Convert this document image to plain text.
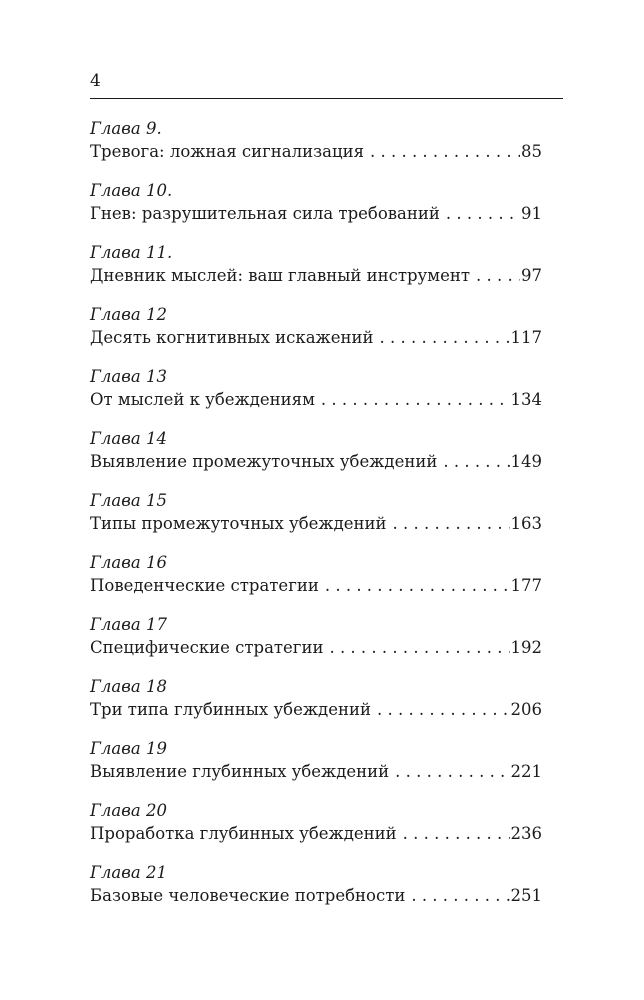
4
Глава 9.
Тревога: ложная сигнализация . . .	85
Глава 10.
Гнев: разрушительная сила требований . . .	91
Глава 11.
Дневник мыслей: ваш главный инструмент . . .	97
Глава 12
Десять когнитивных искажений . . .	117
Глава 13
От мыслей к убеждениям . . .	134
Глава 14
Выявление промежуточных убеждений . . .	149
Глава 15
Типы промежуточных убеждений . . .	163
Глава 16
Поведенческие стратегии . . .	177
Глава 17
Специфические стратегии . . .	192
Глава 18
Три типа глубинных убеждений . . .	206
Глава 19
Выявление глубинных убеждений . . .	221
Глава 20
Проработка глубинных убеждений . . .	236
Глава 21
Базовые человеческие потребности . . .	251
